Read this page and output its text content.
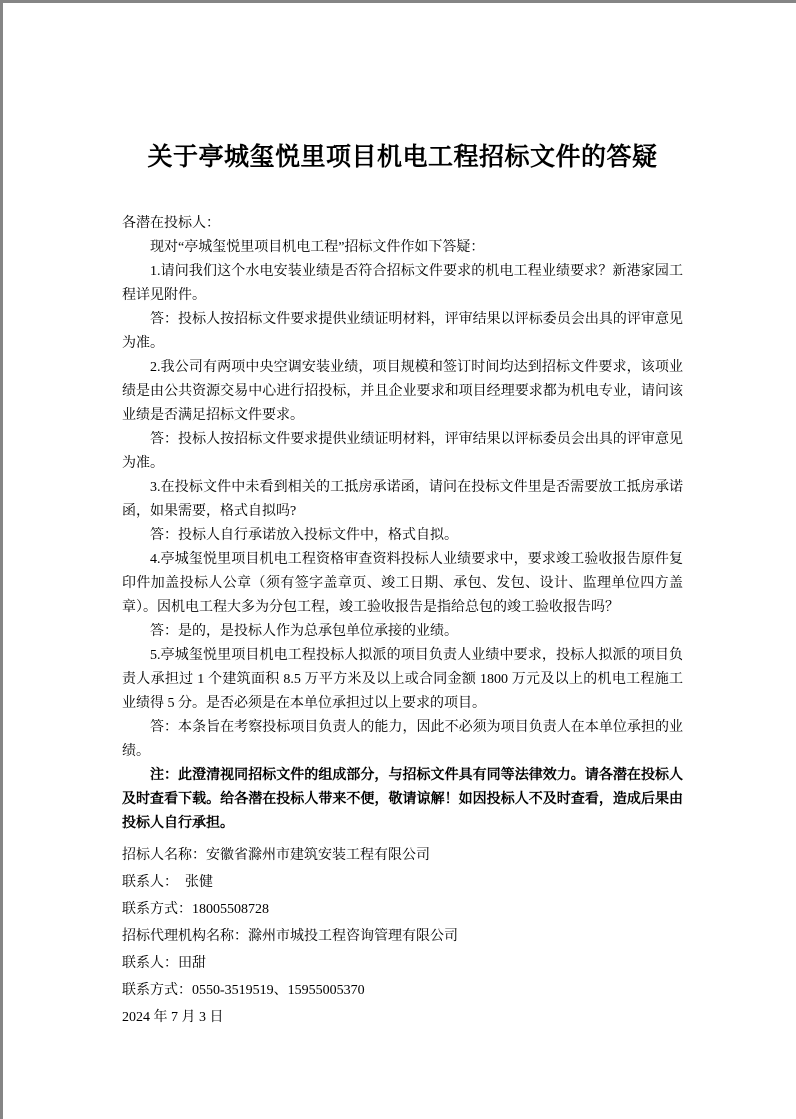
关于亭城玺悦里项目机电工程招标文件的答疑

各潜在投标人：

现对“亭城玺悦里项目机电工程”招标文件作如下答疑：

1.请问我们这个水电安装业绩是否符合招标文件要求的机电工程业绩要求？新港家园工程详见附件。

答：投标人按招标文件要求提供业绩证明材料，评审结果以评标委员会出具的评审意见为准。

2.我公司有两项中央空调安装业绩，项目规模和签订时间均达到招标文件要求，该项业绩是由公共资源交易中心进行招投标，并且企业要求和项目经理要求都为机电专业，请问该业绩是否满足招标文件要求。

答：投标人按招标文件要求提供业绩证明材料，评审结果以评标委员会出具的评审意见为准。

3.在投标文件中未看到相关的工抵房承诺函，请问在投标文件里是否需要放工抵房承诺函，如果需要，格式自拟吗?

答：投标人自行承诺放入投标文件中，格式自拟。

4.亭城玺悦里项目机电工程资格审查资料投标人业绩要求中，要求竣工验收报告原件复印件加盖投标人公章（须有签字盖章页、竣工日期、承包、发包、设计、监理单位四方盖章）。因机电工程大多为分包工程，竣工验收报告是指给总包的竣工验收报告吗？

答：是的，是投标人作为总承包单位承接的业绩。

5.亭城玺悦里项目机电工程投标人拟派的项目负责人业绩中要求，投标人拟派的项目负责人承担过 1 个建筑面积 8.5 万平方米及以上或合同金额 1800 万元及以上的机电工程施工业绩得 5 分。是否必须是在本单位承担过以上要求的项目。

答：本条旨在考察投标项目负责人的能力，因此不必须为项目负责人在本单位承担的业绩。

注：此澄清视同招标文件的组成部分，与招标文件具有同等法律效力。请各潜在投标人及时查看下载。给各潜在投标人带来不便，敬请谅解！如因投标人不及时查看，造成后果由投标人自行承担。

招标人名称：安徽省滁州市建筑安装工程有限公司

联系人：　张健

联系方式：18005508728

招标代理机构名称：滁州市城投工程咨询管理有限公司

联系人：田甜

联系方式：0550-3519519、15955005370

2024 年 7 月 3 日
